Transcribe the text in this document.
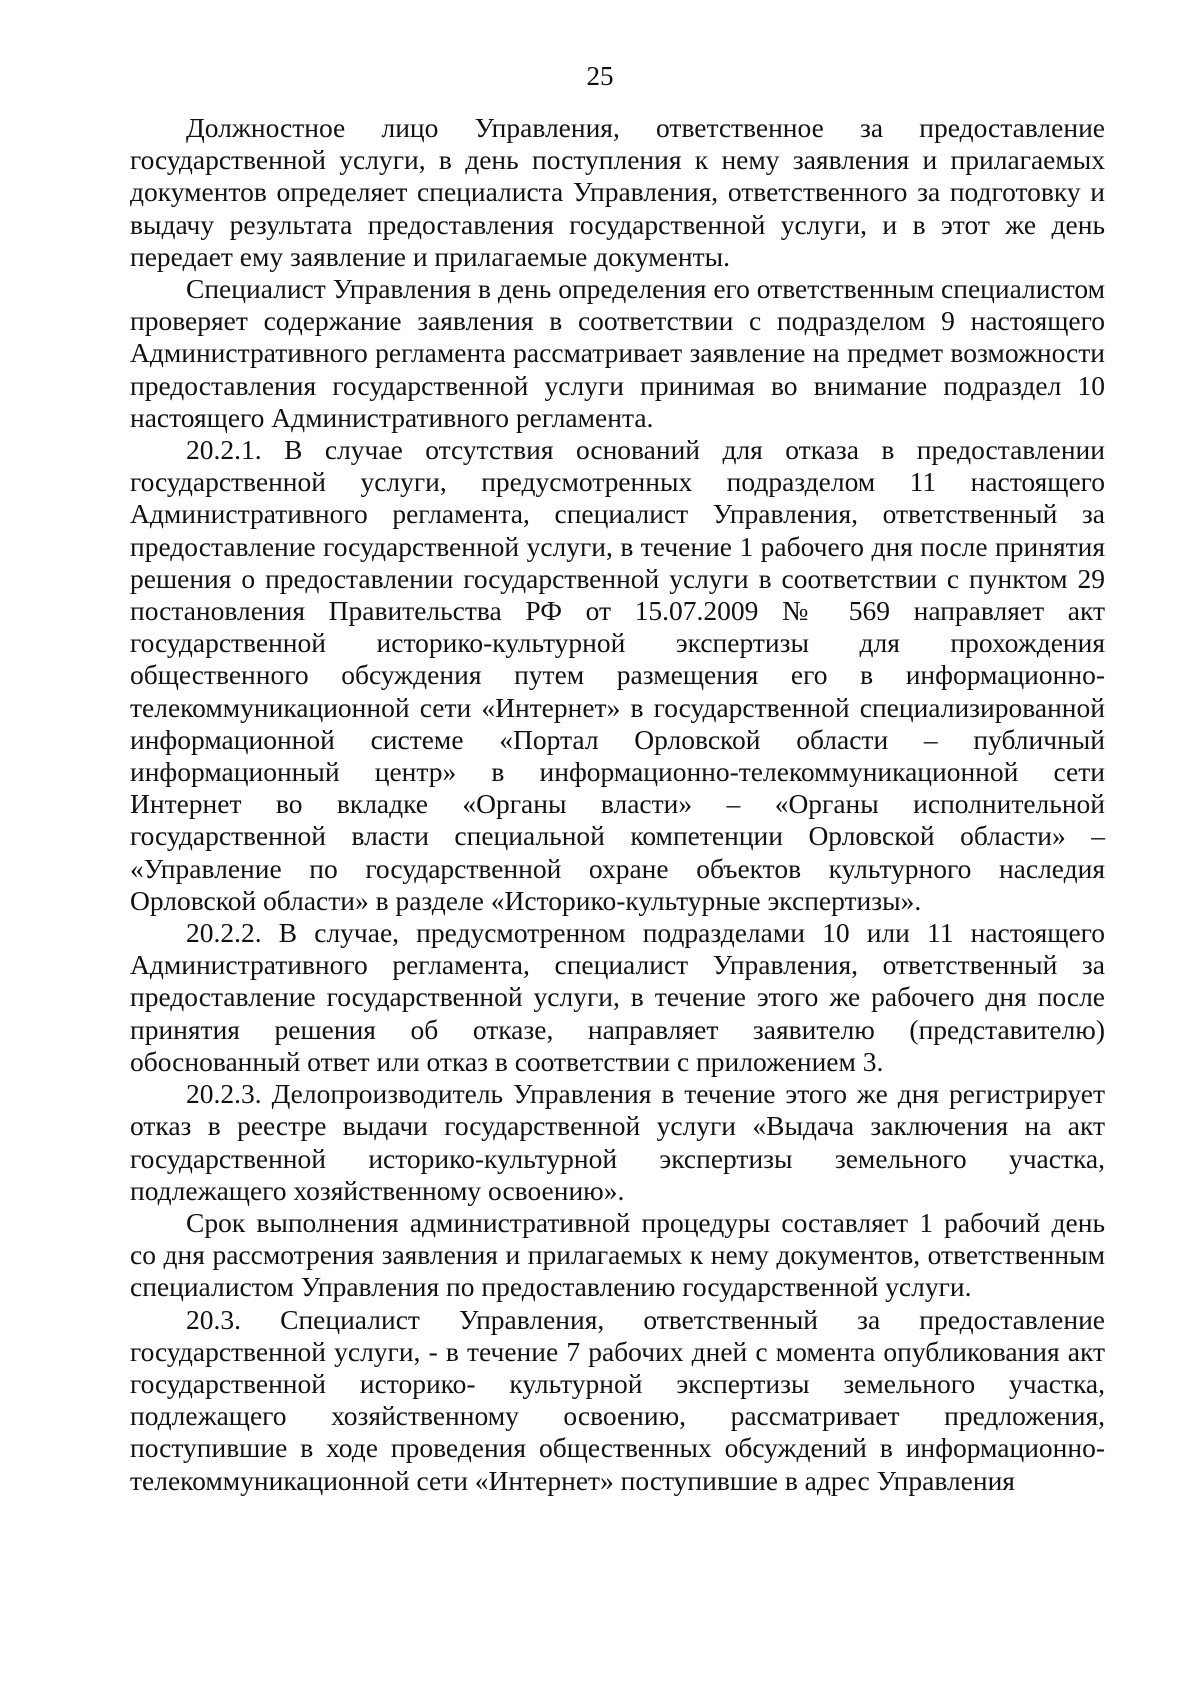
25

Должностное лицо Управления, ответственное за предоставление государственной услуги, в день поступления к нему заявления и прилагаемых документов определяет специалиста Управления, ответственного за подготовку и выдачу результата предоставления государственной услуги, и в этот же день передает ему заявление и прилагаемые документы.

Специалист Управления в день определения его ответственным специалистом проверяет содержание заявления в соответствии с подразделом 9 настоящего Административного регламента рассматривает заявление на предмет возможности предоставления государственной услуги принимая во внимание подраздел 10 настоящего Административного регламента.

20.2.1. В случае отсутствия оснований для отказа в предоставлении государственной услуги, предусмотренных подразделом 11 настоящего Административного регламента, специалист Управления, ответственный за предоставление государственной услуги, в течение 1 рабочего дня после принятия решения о предоставлении государственной услуги в соответствии с пунктом 29 постановления Правительства РФ от 15.07.2009 № 569 направляет акт государственной историко-культурной экспертизы для прохождения общественного обсуждения путем размещения его в информационно-телекоммуникационной сети «Интернет» в государственной специализированной информационной системе «Портал Орловской области – публичный информационный центр» в информационно-телекоммуникационной сети Интернет во вкладке «Органы власти» – «Органы исполнительной государственной власти специальной компетенции Орловской области» – «Управление по государственной охране объектов культурного наследия Орловской области» в разделе «Историко-культурные экспертизы».

20.2.2. В случае, предусмотренном подразделами 10 или 11 настоящего Административного регламента, специалист Управления, ответственный за предоставление государственной услуги, в течение этого же рабочего дня после принятия решения об отказе, направляет заявителю (представителю) обоснованный ответ или отказ в соответствии с приложением 3.

20.2.3. Делопроизводитель Управления в течение этого же дня регистрирует отказ в реестре выдачи государственной услуги «Выдача заключения на акт государственной историко-культурной экспертизы земельного участка, подлежащего хозяйственному освоению».

Срок выполнения административной процедуры составляет 1 рабочий день со дня рассмотрения заявления и прилагаемых к нему документов, ответственным специалистом Управления по предоставлению государственной услуги.

20.3. Специалист Управления, ответственный за предоставление государственной услуги, - в течение 7 рабочих дней с момента опубликования акт государственной историко- культурной экспертизы земельного участка, подлежащего хозяйственному освоению, рассматривает предложения, поступившие в ходе проведения общественных обсуждений в информационно-телекоммуникационной сети «Интернет» поступившие в адрес Управления
